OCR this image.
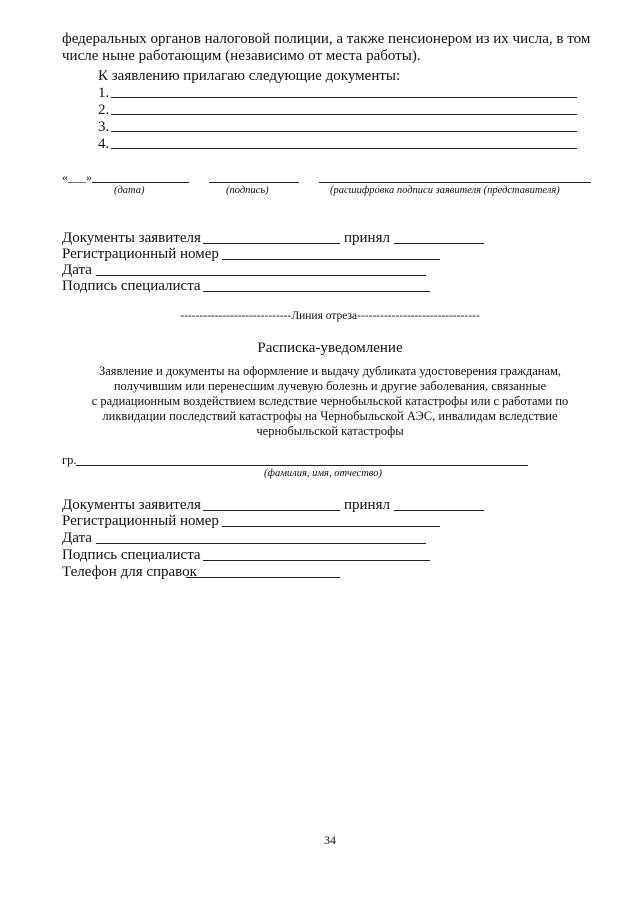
федеральных органов налоговой полиции, а также пенсионером из их числа, в том
числе ныне работающим (независимо от места работы).
К заявлению прилагаю следующие документы:
1.
2.
3.
4.
«___»
(дата)	(подпись)	(расшифровка подписи заявителя (представителя)
Документы заявителя	принял
Регистрационный номер
Дата
Подпись специалиста
-----------------------------Линия отреза--------------------------------
Расписка-уведомление
Заявление и документы на оформление и выдачу дубликата удостоверения гражданам,
получившим или перенесшим лучевую болезнь и другие заболевания, связанные
с радиационным воздействием вследствие чернобыльской катастрофы или с работами по
ликвидации последствий катастрофы на Чернобыльской АЭС, инвалидам вследствие
чернобыльской катастрофы
гр.
(фамилия, имя, отчество)
Документы заявителя	принял
Регистрационный номер
Дата
Подпись специалиста
Телефон для справок
34
